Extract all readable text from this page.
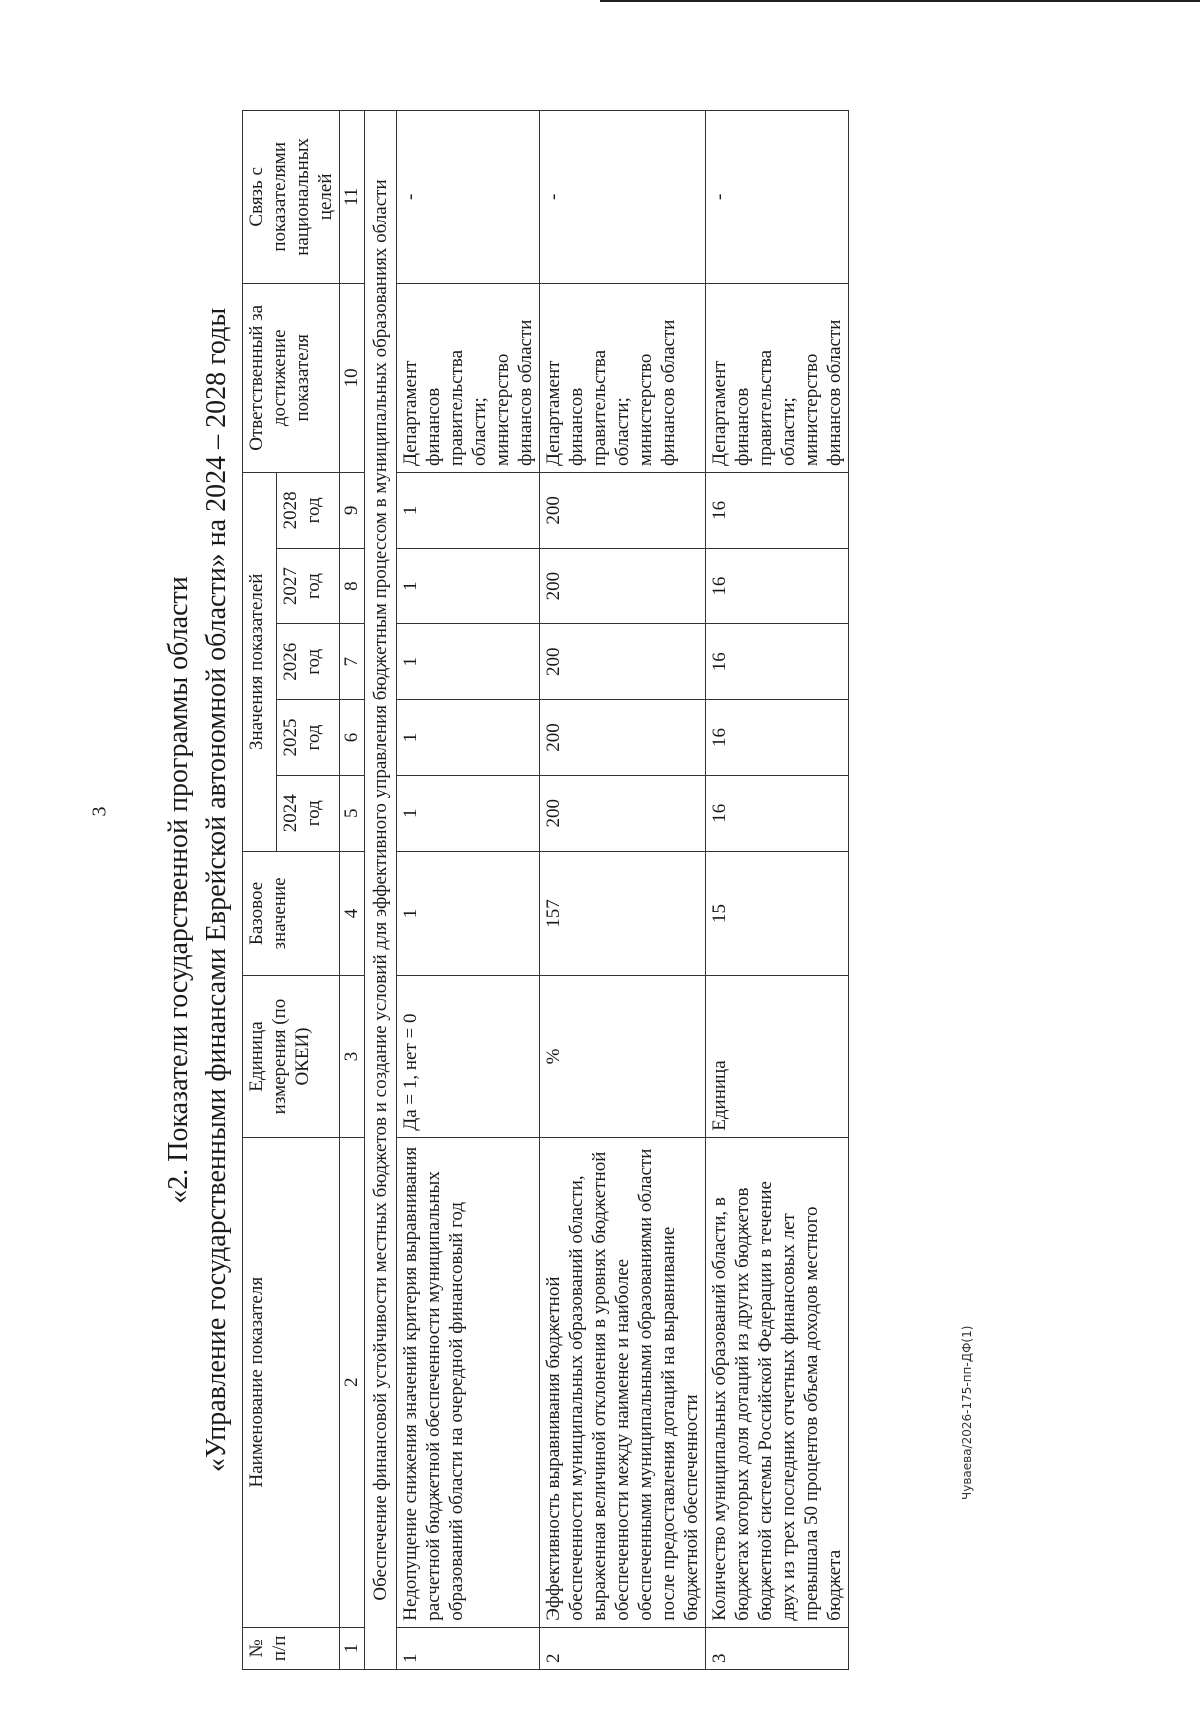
3
Чуваева/2026-175-пп-ДФ(1)

«2. Показатели государственной программы области «Управление государственными финансами Еврейской автономной области» на 2024 – 2028 годы

№ п/п	Наименование показателя	Единица измерения (по ОКЕИ)	Базовое значение	Значения показателей					Ответственный за достижение показателя	Связь с показателями национальных целей
				2024 год	2025 год	2026 год	2027 год	2028 год		
1	2	3	4	5	6	7	8	9	10	11
Обеспечение финансовой устойчивости местных бюджетов и создание условий для эффективного управления бюджетным процессом в муниципальных образованиях области										
1	Недопущение снижения значений критерия выравнивания расчетной бюджетной обеспеченности муниципальных образований области на очередной финансовый год	Да = 1, нет = 0	1	1	1	1	1	1	Департамент финансов правительства области; министерство финансов области	-
2	Эффективность выравнивания бюджетной обеспеченности муниципальных образований области, выраженная величиной отклонения в уровнях бюджетной обеспеченности между наименее и наиболее обеспеченными муниципальными образованиями области после предоставления дотаций на выравнивание бюджетной обеспеченности	%	157	200	200	200	200	200	Департамент финансов правительства области; министерство финансов области	-
3	Количество муниципальных образований области, в бюджетах которых доля дотаций из других бюджетов бюджетной системы Российской Федерации в течение двух из трех последних отчетных финансовых лет превышала 50 процентов объема доходов местного бюджета	Единица	15	16	16	16	16	16	Департамент финансов правительства области; министерство финансов области	-
